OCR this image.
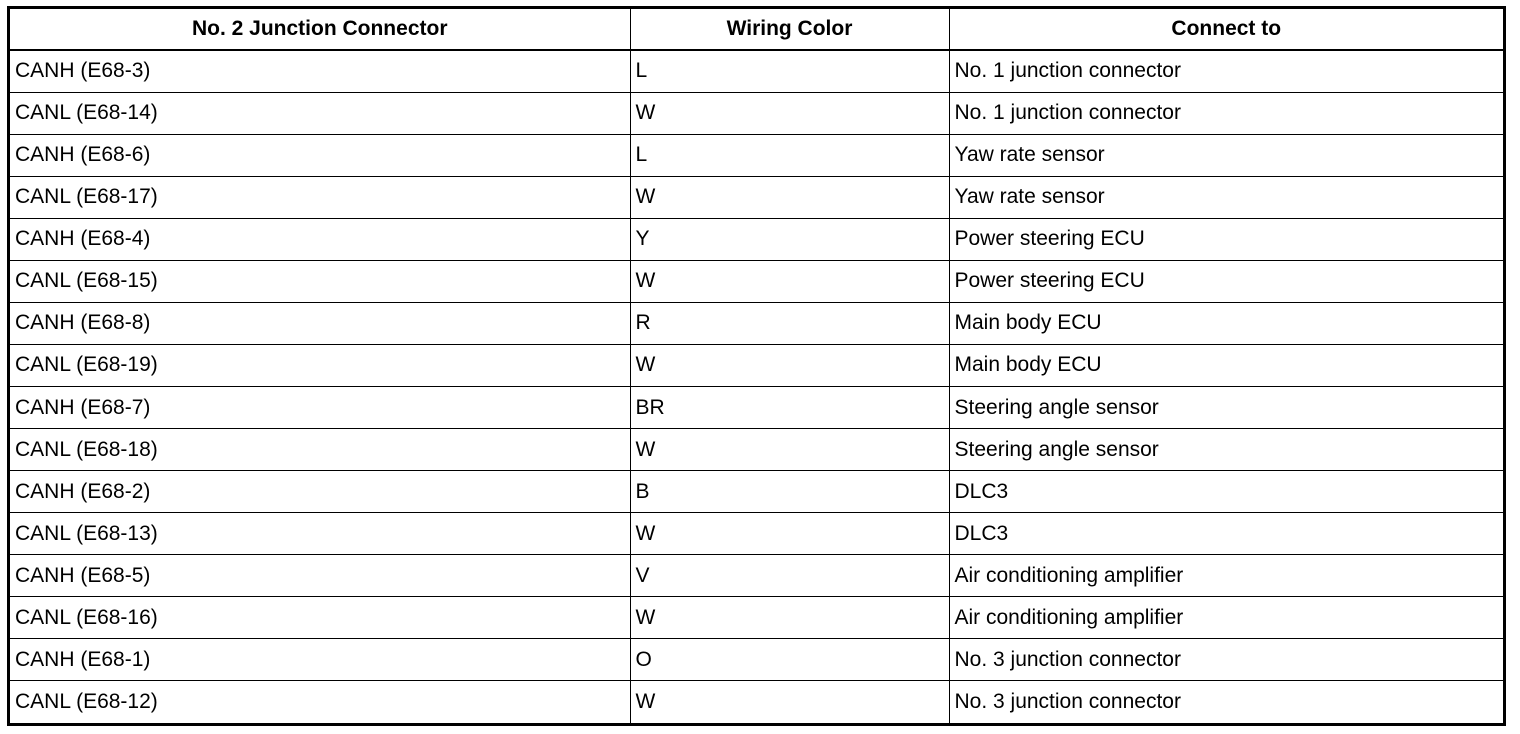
No. 2 Junction Connector	Wiring Color	Connect to
CANH (E68-3)	L	No. 1 junction connector
CANL (E68-14)	W	No. 1 junction connector
CANH (E68-6)	L	Yaw rate sensor
CANL (E68-17)	W	Yaw rate sensor
CANH (E68-4)	Y	Power steering ECU
CANL (E68-15)	W	Power steering ECU
CANH (E68-8)	R	Main body ECU
CANL (E68-19)	W	Main body ECU
CANH (E68-7)	BR	Steering angle sensor
CANL (E68-18)	W	Steering angle sensor
CANH (E68-2)	B	DLC3
CANL (E68-13)	W	DLC3
CANH (E68-5)	V	Air conditioning amplifier
CANL (E68-16)	W	Air conditioning amplifier
CANH (E68-1)	O	No. 3 junction connector
CANL (E68-12)	W	No. 3 junction connector
